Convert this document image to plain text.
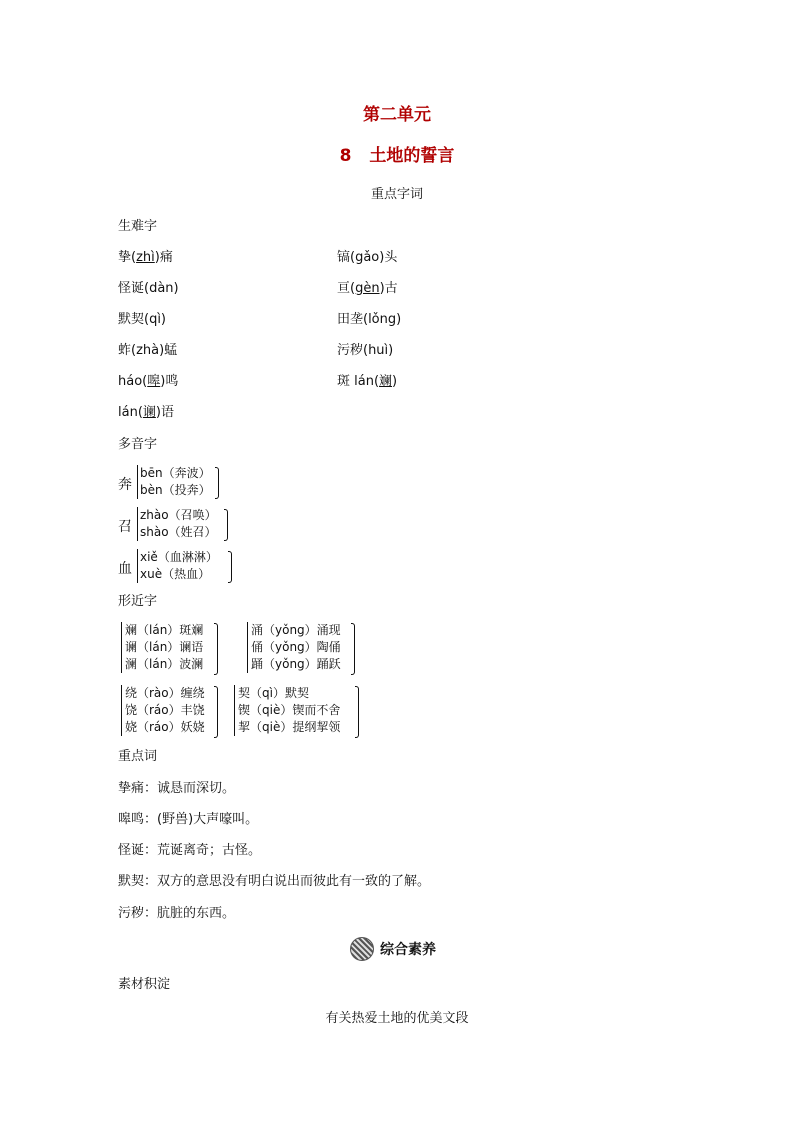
第二单元
8 土地的誓言
重点字词
生难字
挚(zhì)痛	镐(gǎo)头
怪诞(dàn)	亘(gèn)古
默契(qì)	田垄(lǒng)
蚱(zhà)蜢	污秽(huì)
háo(嗥)鸣	斑 lán(斓)
lán(谰)语
多音字
奔
bēn（奔波）
bèn（投奔）
召
zhào（召唤）
shào（姓召）
血
xiě（血淋淋）
xuè（热血）
形近字
斓（lán）斑斓
谰（lán）谰语
澜（lán）波澜
涌（yǒng）涌现
俑（yǒng）陶俑
踊（yǒng）踊跃
绕（rào）缠绕
饶（ráo）丰饶
娆（ráo）妖娆
契（qì）默契
锲（qiè）锲而不舍
挈（qiè）提纲挈领
重点词
挚痛：诚恳而深切。
嗥鸣：(野兽)大声嚎叫。
怪诞：荒诞离奇；古怪。
默契：双方的意思没有明白说出而彼此有一致的了解。
污秽：肮脏的东西。
综合素养
素材积淀
有关热爱土地的优美文段
